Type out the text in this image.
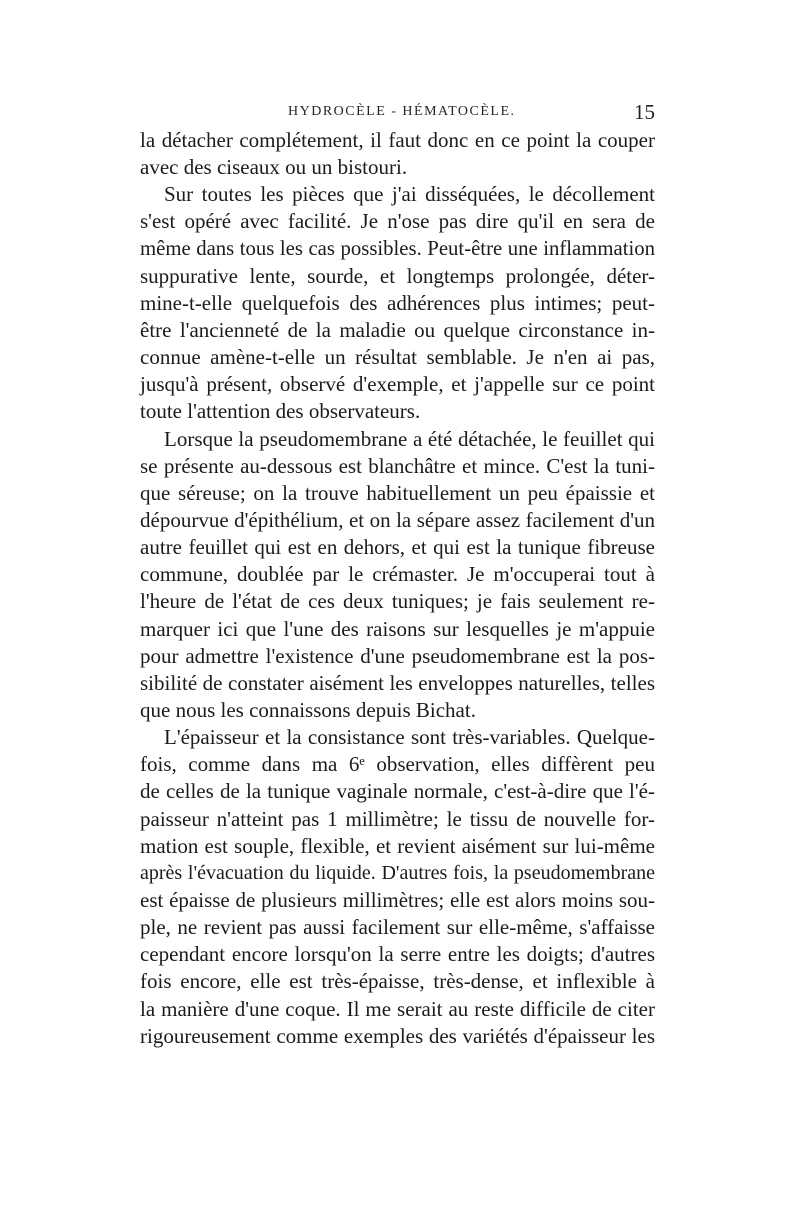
HYDROCÈLE - HÉMATOCÈLE.	15
la détacher complétement, il faut donc en ce point la couper
avec des ciseaux ou un bistouri.
Sur toutes les pièces que j'ai disséquées, le décollement
s'est opéré avec facilité. Je n'ose pas dire qu'il en sera de
même dans tous les cas possibles. Peut-être une inflammation
suppurative lente, sourde, et longtemps prolongée, déter-
mine-t-elle quelquefois des adhérences plus intimes; peut-
être l'ancienneté de la maladie ou quelque circonstance in-
connue amène-t-elle un résultat semblable. Je n'en ai pas,
jusqu'à présent, observé d'exemple, et j'appelle sur ce point
toute l'attention des observateurs.
Lorsque la pseudomembrane a été détachée, le feuillet qui
se présente au-dessous est blanchâtre et mince. C'est la tuni-
que séreuse; on la trouve habituellement un peu épaissie et
dépourvue d'épithélium, et on la sépare assez facilement d'un
autre feuillet qui est en dehors, et qui est la tunique fibreuse
commune, doublée par le crémaster. Je m'occuperai tout à
l'heure de l'état de ces deux tuniques; je fais seulement re-
marquer ici que l'une des raisons sur lesquelles je m'appuie
pour admettre l'existence d'une pseudomembrane est la pos-
sibilité de constater aisément les enveloppes naturelles, telles
que nous les connaissons depuis Bichat.
L'épaisseur et la consistance sont très-variables. Quelque-
fois, comme dans ma 6ᵉ observation, elles diffèrent peu
de celles de la tunique vaginale normale, c'est-à-dire que l'é-
paisseur n'atteint pas 1 millimètre; le tissu de nouvelle for-
mation est souple, flexible, et revient aisément sur lui-même
après l'évacuation du liquide. D'autres fois, la pseudomembrane
est épaisse de plusieurs millimètres; elle est alors moins sou-
ple, ne revient pas aussi facilement sur elle-même, s'affaisse
cependant encore lorsqu'on la serre entre les doigts; d'autres
fois encore, elle est très-épaisse, très-dense, et inflexible à
la manière d'une coque. Il me serait au reste difficile de citer
rigoureusement comme exemples des variétés d'épaisseur les
